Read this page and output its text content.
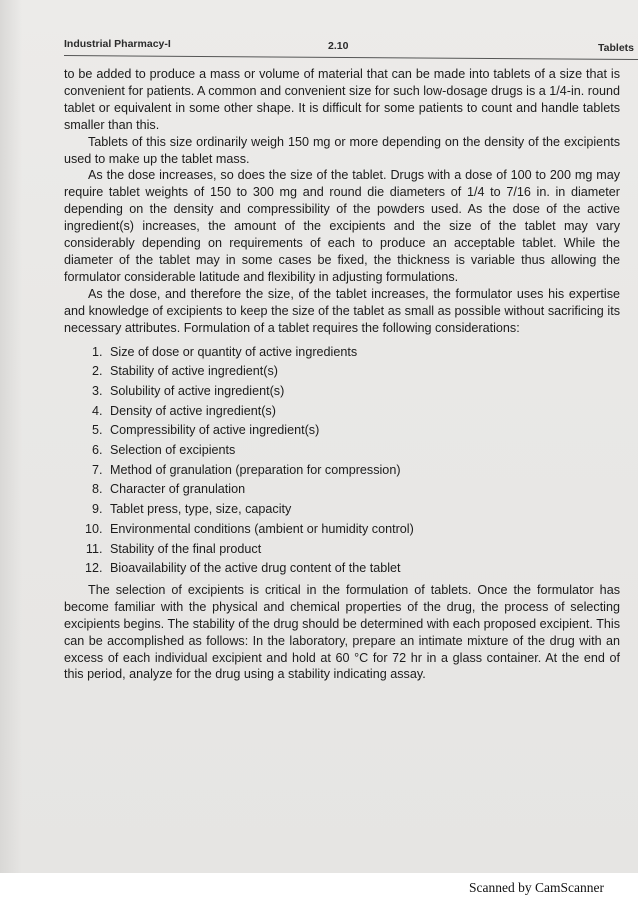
Industrial Pharmacy-I	2.10	Tablets

to be added to produce a mass or volume of material that can be made into tablets of a size that is convenient for patients. A common and convenient size for such low-dosage drugs is a 1/4-in. round tablet or equivalent in some other shape. It is difficult for some patients to count and handle tablets smaller than this.

Tablets of this size ordinarily weigh 150 mg or more depending on the density of the excipients used to make up the tablet mass.

As the dose increases, so does the size of the tablet. Drugs with a dose of 100 to 200 mg may require tablet weights of 150 to 300 mg and round die diameters of 1/4 to 7/16 in. in diameter depending on the density and compressibility of the powders used. As the dose of the active ingredient(s) increases, the amount of the excipients and the size of the tablet may vary considerably depending on requirements of each to produce an acceptable tablet. While the diameter of the tablet may in some cases be fixed, the thickness is variable thus allowing the formulator considerable latitude and flexibility in adjusting formulations.

As the dose, and therefore the size, of the tablet increases, the formulator uses his expertise and knowledge of excipients to keep the size of the tablet as small as possible without sacrificing its necessary attributes. Formulation of a tablet requires the following considerations:

1. Size of dose or quantity of active ingredients
2. Stability of active ingredient(s)
3. Solubility of active ingredient(s)
4. Density of active ingredient(s)
5. Compressibility of active ingredient(s)
6. Selection of excipients
7. Method of granulation (preparation for compression)
8. Character of granulation
9. Tablet press, type, size, capacity
10. Environmental conditions (ambient or humidity control)
11. Stability of the final product
12. Bioavailability of the active drug content of the tablet

The selection of excipients is critical in the formulation of tablets. Once the formulator has become familiar with the physical and chemical properties of the drug, the process of selecting excipients begins. The stability of the drug should be determined with each proposed excipient. This can be accomplished as follows: In the laboratory, prepare an intimate mixture of the drug with an excess of each individual excipient and hold at 60 °C for 72 hr in a glass container. At the end of this period, analyze for the drug using a stability indicating assay.

Scanned by CamScanner
